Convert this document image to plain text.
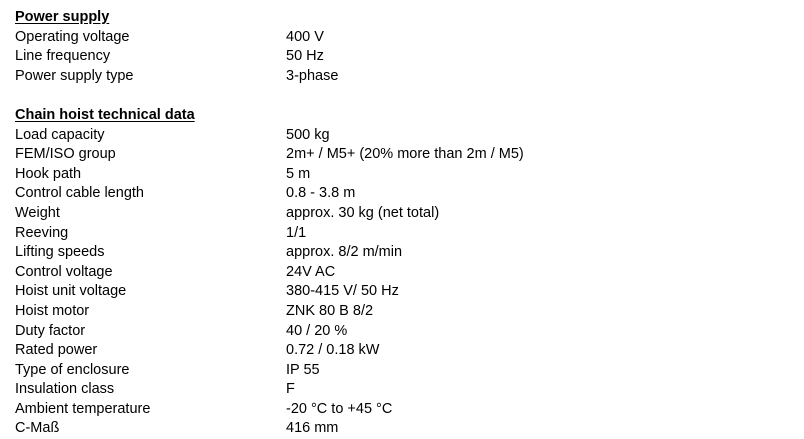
Power supply
Operating voltage	400 V
Line frequency	50 Hz
Power supply type	3-phase
Chain hoist technical data
Load capacity	500 kg
FEM/ISO group	2m+ / M5+ (20% more than 2m / M5)
Hook path	5 m
Control cable length	0.8 - 3.8 m
Weight	approx. 30 kg (net total)
Reeving	1/1
Lifting speeds	approx. 8/2 m/min
Control voltage	24V AC
Hoist unit voltage	380-415 V/ 50 Hz
Hoist motor	ZNK 80 B 8/2
Duty factor	40 / 20 %
Rated power	0.72 / 0.18 kW
Type of enclosure	IP 55
Insulation class	F
Ambient temperature	-20 °C to +45 °C
C-Maß	416 mm
